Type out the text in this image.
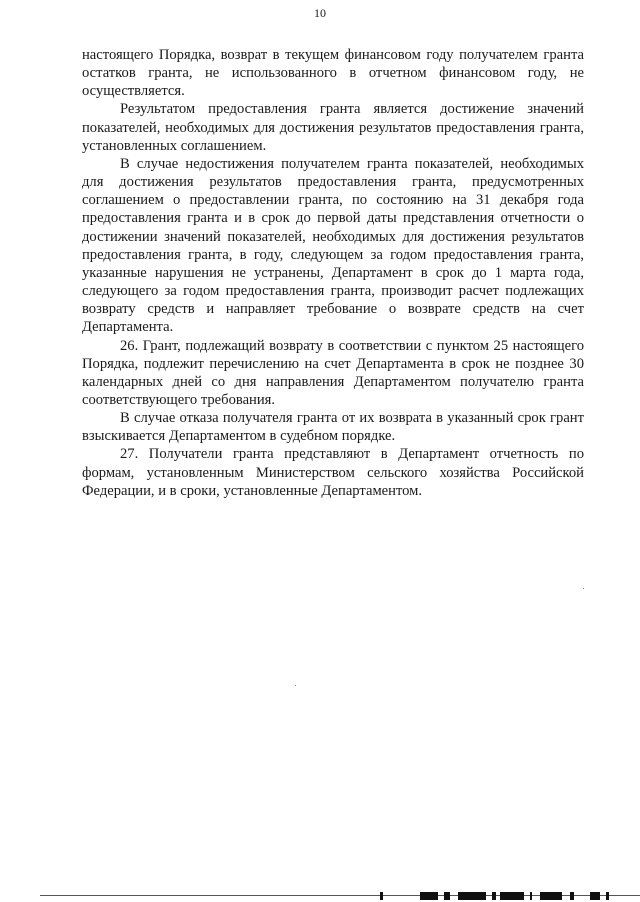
10

настоящего Порядка, возврат в текущем финансовом году получателем гранта остатков гранта, не использованного в отчетном финансовом году, не осуществляется.

Результатом предоставления гранта является достижение значений показателей, необходимых для достижения результатов предоставления гранта, установленных соглашением.

В случае недостижения получателем гранта показателей, необходимых для достижения результатов предоставления гранта, предусмотренных соглашением о предоставлении гранта, по состоянию на 31 декабря года предоставления гранта и в срок до первой даты представления отчетности о достижении значений показателей, необходимых для достижения результатов предоставления гранта, в году, следующем за годом предоставления гранта, указанные нарушения не устранены, Департамент в срок до 1 марта года, следующего за годом предоставления гранта, производит расчет подлежащих возврату средств и направляет требование о возврате средств на счет Департамента.

26. Грант, подлежащий возврату в соответствии с пунктом 25 настоящего Порядка, подлежит перечислению на счет Департамента в срок не позднее 30 календарных дней со дня направления Департаментом получателю гранта соответствующего требования.

В случае отказа получателя гранта от их возврата в указанный срок грант взыскивается Департаментом в судебном порядке.

27. Получатели гранта представляют в Департамент отчетность по формам, установленным Министерством сельского хозяйства Российской Федерации, и в сроки, установленные Департаментом.
